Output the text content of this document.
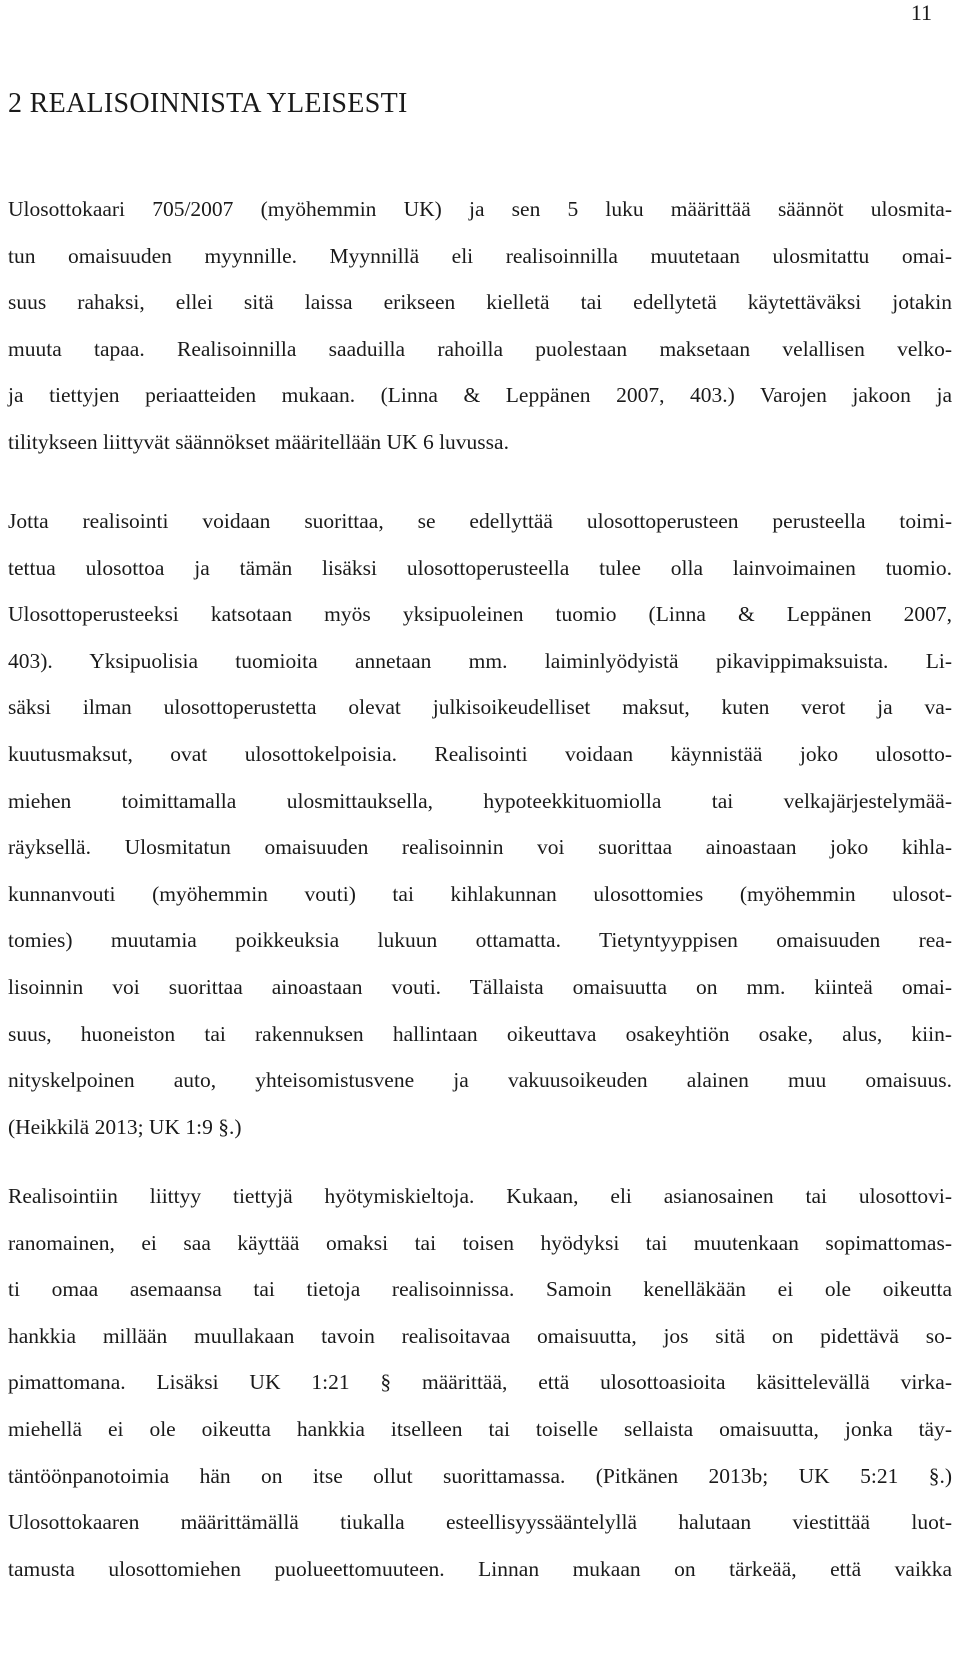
11
2 REALISOINNISTA YLEISESTI
Ulosottokaari 705/2007 (myöhemmin UK) ja sen 5 luku määrittää säännöt ulosmita-
tun omaisuuden myynnille. Myynnillä eli realisoinnilla muutetaan ulosmitattu omai-
suus rahaksi, ellei sitä laissa erikseen kielletä tai edellytetä käytettäväksi jotakin
muuta tapaa. Realisoinnilla saaduilla rahoilla puolestaan maksetaan velallisen velko-
ja tiettyjen periaatteiden mukaan. (Linna & Leppänen 2007, 403.) Varojen jakoon ja
tilitykseen liittyvät säännökset määritellään UK 6 luvussa.
Jotta realisointi voidaan suorittaa, se edellyttää ulosottoperusteen perusteella toimi-
tettua ulosottoa ja tämän lisäksi ulosottoperusteella tulee olla lainvoimainen tuomio.
Ulosottoperusteeksi katsotaan myös yksipuoleinen tuomio (Linna & Leppänen 2007,
403). Yksipuolisia tuomioita annetaan mm. laiminlyödyistä pikavippimaksuista. Li-
säksi ilman ulosottoperustetta olevat julkisoikeudelliset maksut, kuten verot ja va-
kuutusmaksut, ovat ulosottokelpoisia. Realisointi voidaan käynnistää joko ulosotto-
miehen toimittamalla ulosmittauksella, hypoteekkituomiolla tai velkajärjestelymää-
räyksellä. Ulosmitatun omaisuuden realisoinnin voi suorittaa ainoastaan joko kihla-
kunnanvouti (myöhemmin vouti) tai kihlakunnan ulosottomies (myöhemmin ulosot-
tomies) muutamia poikkeuksia lukuun ottamatta. Tietyntyyppisen omaisuuden rea-
lisoinnin voi suorittaa ainoastaan vouti. Tällaista omaisuutta on mm. kiinteä omai-
suus, huoneiston tai rakennuksen hallintaan oikeuttava osakeyhtiön osake, alus, kiin-
nityskelpoinen auto, yhteisomistusvene ja vakuusoikeuden alainen muu omaisuus.
(Heikkilä 2013; UK 1:9 §.)
Realisointiin liittyy tiettyjä hyötymiskieltoja. Kukaan, eli asianosainen tai ulosottovi-
ranomainen, ei saa käyttää omaksi tai toisen hyödyksi tai muutenkaan sopimattomas-
ti omaa asemaansa tai tietoja realisoinnissa. Samoin kenelläkään ei ole oikeutta
hankkia millään muullakaan tavoin realisoitavaa omaisuutta, jos sitä on pidettävä so-
pimattomana. Lisäksi UK 1:21 § määrittää, että ulosottoasioita käsittelevällä virka-
miehellä ei ole oikeutta hankkia itselleen tai toiselle sellaista omaisuutta, jonka täy-
täntöönpanotoimia hän on itse ollut suorittamassa. (Pitkänen 2013b; UK 5:21 §.)
Ulosottokaaren määrittämällä tiukalla esteellisyyssääntelyllä halutaan viestittää luot-
tamusta ulosottomiehen puolueettomuuteen. Linnan mukaan on tärkeää, että vaikka
